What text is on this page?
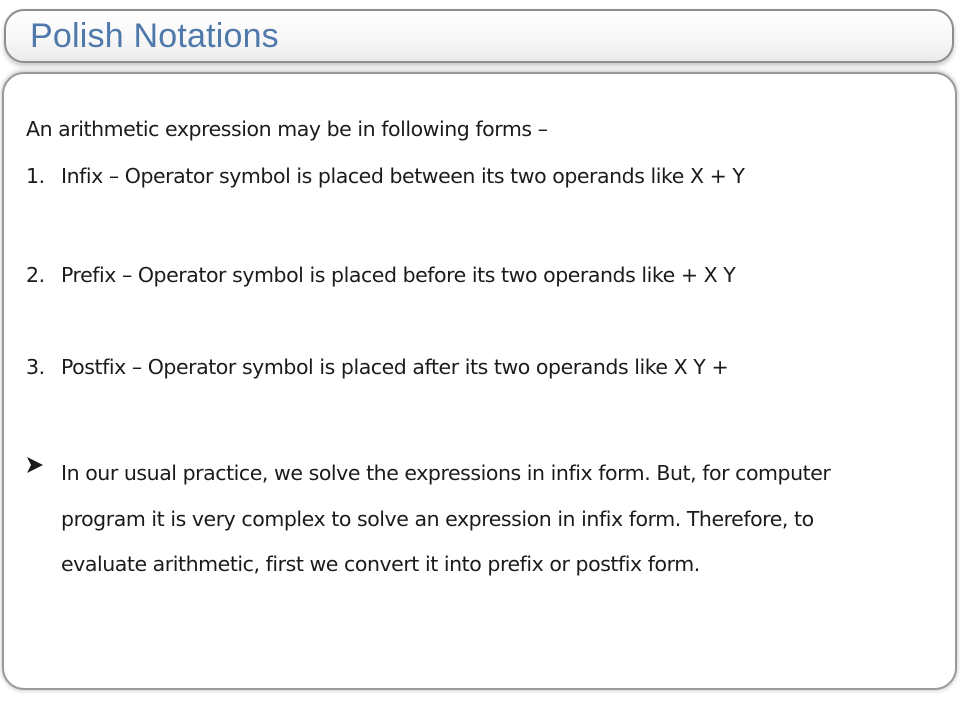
Polish Notations
An arithmetic expression may be in following forms –
1. Infix – Operator symbol is placed between its two operands like X + Y
2. Prefix – Operator symbol is placed before its two operands like + X Y
3. Postfix – Operator symbol is placed after its two operands like X Y +
In our usual practice, we solve the expressions in infix form. But, for computer
program it is very complex to solve an expression in infix form. Therefore, to
evaluate arithmetic, first we convert it into prefix or postfix form.
